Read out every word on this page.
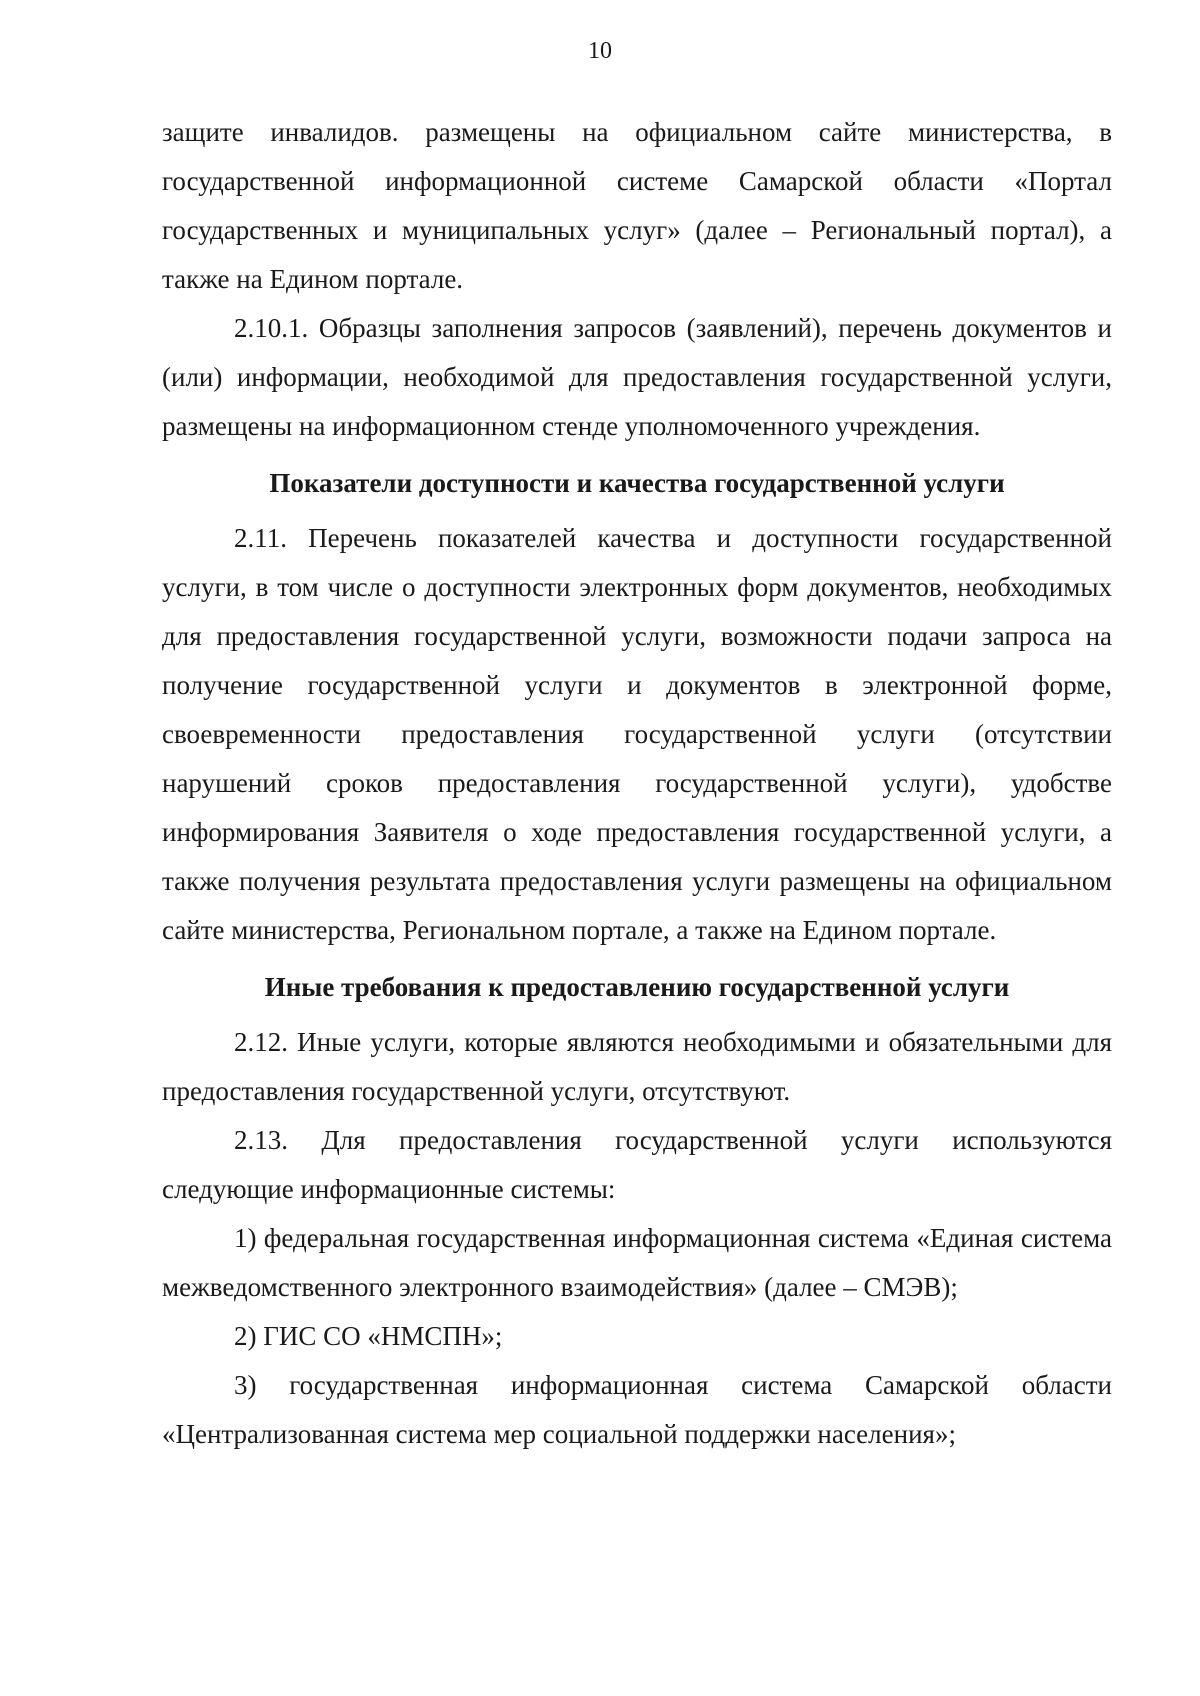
10

защите инвалидов. размещены на официальном сайте министерства, в государственной информационной системе Самарской области «Портал государственных и муниципальных услуг» (далее – Региональный портал), а также на Едином портале.

2.10.1. Образцы заполнения запросов (заявлений), перечень документов и (или) информации, необходимой для предоставления государственной услуги, размещены на информационном стенде уполномоченного учреждения.

Показатели доступности и качества государственной услуги

2.11. Перечень показателей качества и доступности государственной услуги, в том числе о доступности электронных форм документов, необходимых для предоставления государственной услуги, возможности подачи запроса на получение государственной услуги и документов в электронной форме, своевременности предоставления государственной услуги (отсутствии нарушений сроков предоставления государственной услуги), удобстве информирования Заявителя о ходе предоставления государственной услуги, а также получения результата предоставления услуги размещены на официальном сайте министерства, Региональном портале, а также на Едином портале.

Иные требования к предоставлению государственной услуги

2.12. Иные услуги, которые являются необходимыми и обязательными для предоставления государственной услуги, отсутствуют.

2.13. Для предоставления государственной услуги используются следующие информационные системы:

1) федеральная государственная информационная система «Единая система межведомственного электронного взаимодействия» (далее – СМЭВ);

2) ГИС СО «НМСПН»;

3) государственная информационная система Самарской области «Централизованная система мер социальной поддержки населения»;
